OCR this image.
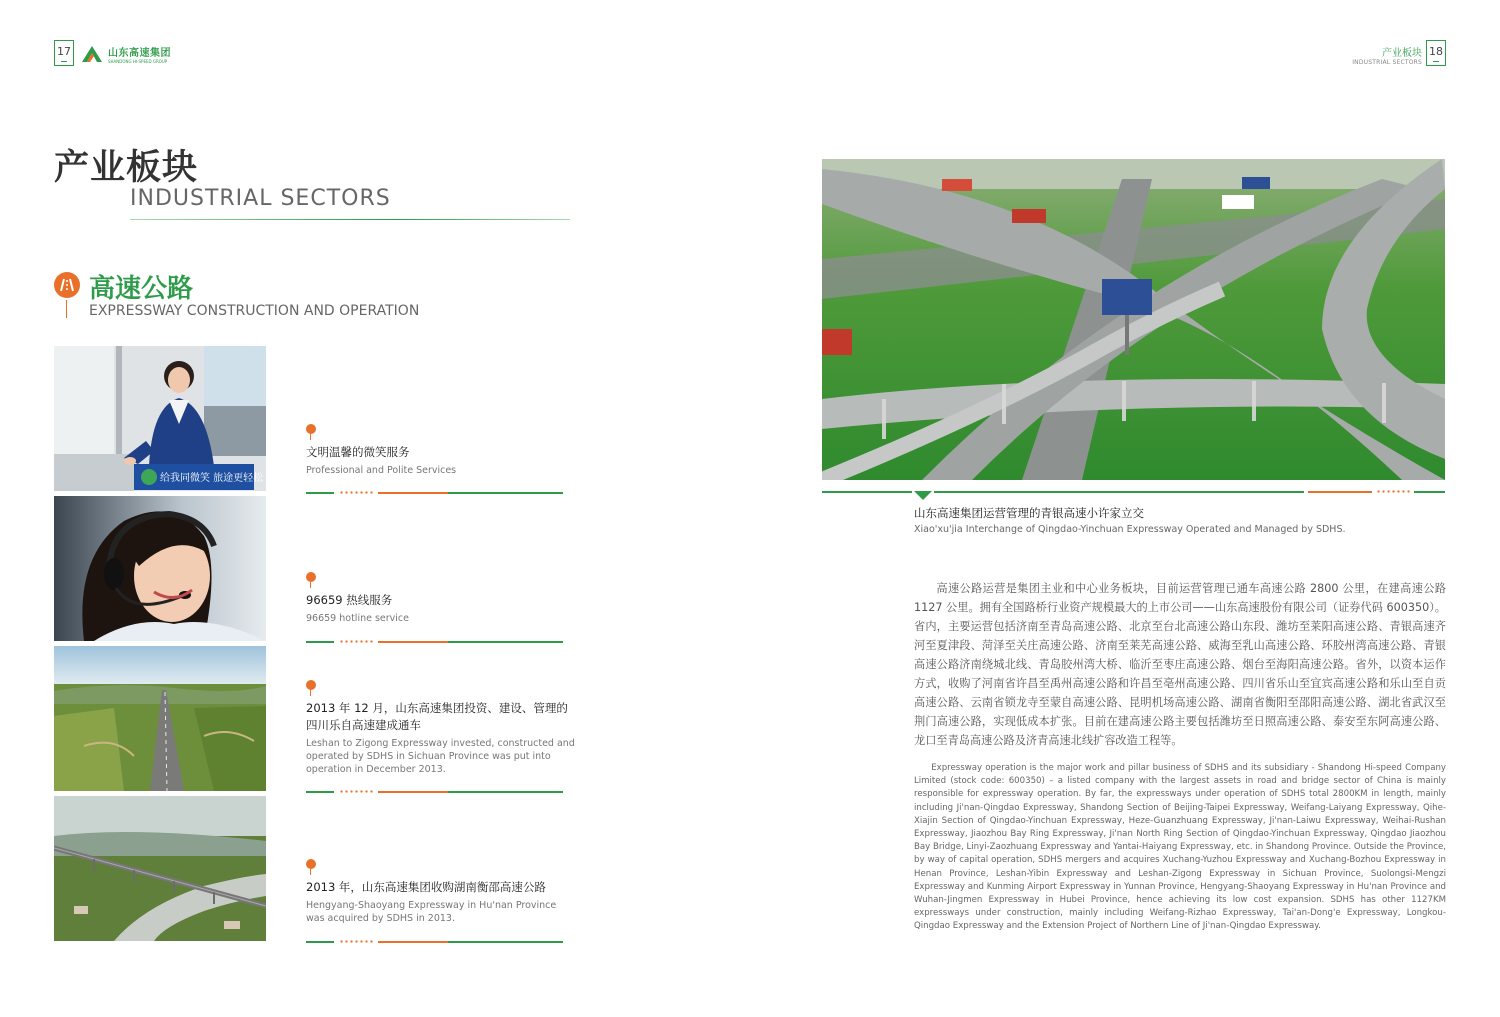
17	山东高速集团
SHANDONG HI-SPEED GROUP
产业板块
INDUSTRIAL SECTORS
18
产业板块
INDUSTRIAL SECTORS
高速公路
EXPRESSWAY CONSTRUCTION AND OPERATION
给我同微笑 旅途更轻松
文明温馨的微笑服务
Professional and Polite Services
96659 热线服务
96659 hotline service
2013 年 12 月，山东高速集团投资、建设、管理的四川乐自高速建成通车
Leshan to Zigong Expressway invested, constructed and operated by SDHS in Sichuan Province was put into operation in December 2013.
2013 年，山东高速集团收购湖南衡邵高速公路
Hengyang-Shaoyang Expressway in Hu'nan Province was acquired by SDHS in 2013.
山东高速集团运营管理的青银高速小许家立交
Xiao'xu'jia Interchange of Qingdao-Yinchuan Expressway Operated and Managed by SDHS.
高速公路运营是集团主业和中心业务板块，目前运营管理已通车高速公路 2800 公里，在建高速公路 1127 公里。拥有全国路桥行业资产规模最大的上市公司——山东高速股份有限公司（证券代码 600350）。省内，主要运营包括济南至青岛高速公路、北京至台北高速公路山东段、潍坊至莱阳高速公路、青银高速齐河至夏津段、菏泽至关庄高速公路、济南至莱芜高速公路、威海至乳山高速公路、环胶州湾高速公路、青银高速公路济南绕城北线、青岛胶州湾大桥、临沂至枣庄高速公路、烟台至海阳高速公路。省外，以资本运作方式，收购了河南省许昌至禹州高速公路和许昌至亳州高速公路、四川省乐山至宜宾高速公路和乐山至自贡高速公路、云南省锁龙寺至蒙自高速公路、昆明机场高速公路、湖南省衡阳至邵阳高速公路、湖北省武汉至荆门高速公路，实现低成本扩张。目前在建高速公路主要包括潍坊至日照高速公路、泰安至东阿高速公路、龙口至青岛高速公路及济青高速北线扩容改造工程等。
Expressway operation is the major work and pillar business of SDHS and its subsidiary - Shandong Hi-speed Company Limited (stock code: 600350) – a listed company with the largest assets in road and bridge sector of China is mainly responsible for expressway operation. By far, the expressways under operation of SDHS total 2800KM in length, mainly including Ji'nan-Qingdao Expressway, Shandong Section of Beijing-Taipei Expressway, Weifang-Laiyang Expressway, Qihe-Xiajin Section of Qingdao-Yinchuan Expressway, Heze-Guanzhuang Expressway, Ji'nan-Laiwu Expressway, Weihai-Rushan Expressway, Jiaozhou Bay Ring Expressway, Ji'nan North Ring Section of Qingdao-Yinchuan Expressway, Qingdao Jiaozhou Bay Bridge, Linyi-Zaozhuang Expressway and Yantai-Haiyang Expressway, etc. in Shandong Province. Outside the Province, by way of capital operation, SDHS mergers and acquires Xuchang-Yuzhou Expressway and Xuchang-Bozhou Expressway in Henan Province, Leshan-Yibin Expressway and Leshan-Zigong Expressway in Sichuan Province, Suolongsi-Mengzi Expressway and Kunming Airport Expressway in Yunnan Province, Hengyang-Shaoyang Expressway in Hu'nan Province and Wuhan-Jingmen Expressway in Hubei Province, hence achieving its low cost expansion. SDHS has other 1127KM expressways under construction, mainly including Weifang-Rizhao Expressway, Tai'an-Dong'e Expressway, Longkou-Qingdao Expressway and the Extension Project of Northern Line of Ji'nan-Qingdao Expressway.
